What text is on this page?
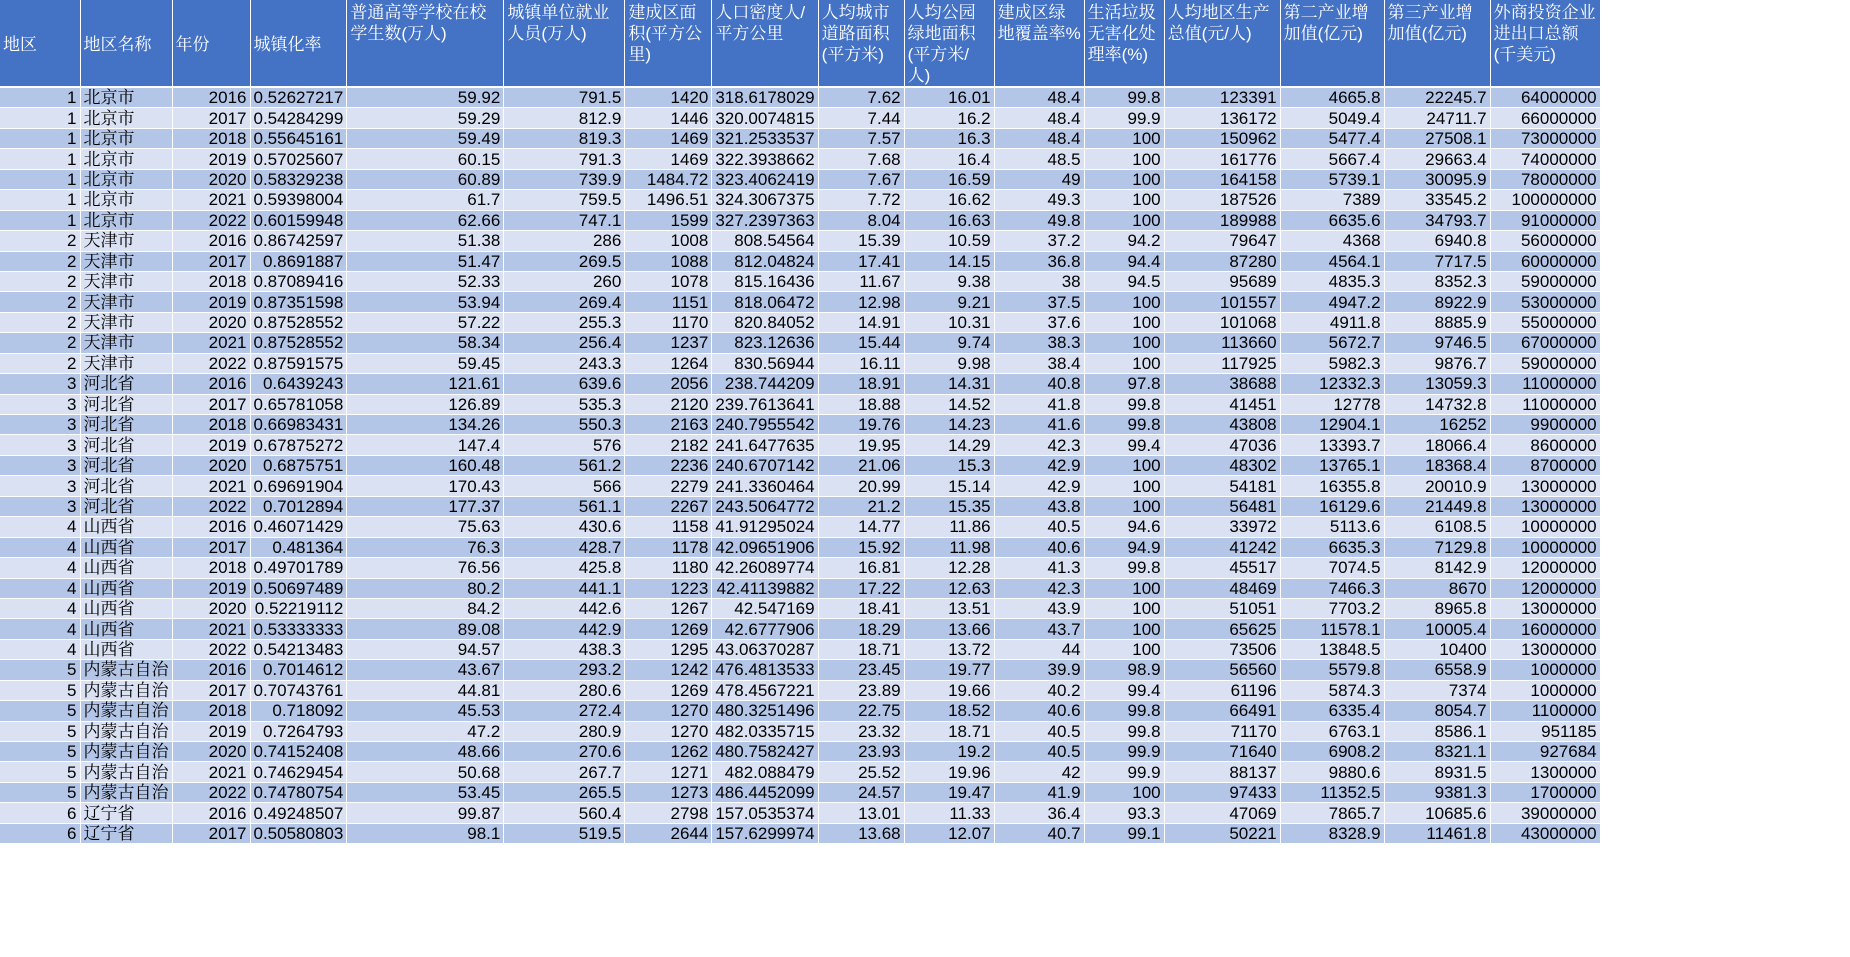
地区	地区名称	年份	城镇化率	普通高等学校在校学生数(万人)	城镇单位就业人员(万人)	建成区面积(平方公里)	人口密度人/平方公里	人均城市道路面积(平方米)	人均公园绿地面积(平方米/人)	建成区绿地覆盖率%	生活垃圾无害化处理率(%)	人均地区生产总值(元/人)	第二产业增加值(亿元)	第三产业增加值(亿元)	外商投资企业进出口总额(千美元)
1	北京市	2016	0.52627217	59.92	791.5	1420	318.6178029	7.62	16.01	48.4	99.8	123391	4665.8	22245.7	64000000
1	北京市	2017	0.54284299	59.29	812.9	1446	320.0074815	7.44	16.2	48.4	99.9	136172	5049.4	24711.7	66000000
1	北京市	2018	0.55645161	59.49	819.3	1469	321.2533537	7.57	16.3	48.4	100	150962	5477.4	27508.1	73000000
1	北京市	2019	0.57025607	60.15	791.3	1469	322.3938662	7.68	16.4	48.5	100	161776	5667.4	29663.4	74000000
1	北京市	2020	0.58329238	60.89	739.9	1484.72	323.4062419	7.67	16.59	49	100	164158	5739.1	30095.9	78000000
1	北京市	2021	0.59398004	61.7	759.5	1496.51	324.3067375	7.72	16.62	49.3	100	187526	7389	33545.2	100000000
1	北京市	2022	0.60159948	62.66	747.1	1599	327.2397363	8.04	16.63	49.8	100	189988	6635.6	34793.7	91000000
2	天津市	2016	0.86742597	51.38	286	1008	808.54564	15.39	10.59	37.2	94.2	79647	4368	6940.8	56000000
2	天津市	2017	0.8691887	51.47	269.5	1088	812.04824	17.41	14.15	36.8	94.4	87280	4564.1	7717.5	60000000
2	天津市	2018	0.87089416	52.33	260	1078	815.16436	11.67	9.38	38	94.5	95689	4835.3	8352.3	59000000
2	天津市	2019	0.87351598	53.94	269.4	1151	818.06472	12.98	9.21	37.5	100	101557	4947.2	8922.9	53000000
2	天津市	2020	0.87528552	57.22	255.3	1170	820.84052	14.91	10.31	37.6	100	101068	4911.8	8885.9	55000000
2	天津市	2021	0.87528552	58.34	256.4	1237	823.12636	15.44	9.74	38.3	100	113660	5672.7	9746.5	67000000
2	天津市	2022	0.87591575	59.45	243.3	1264	830.56944	16.11	9.98	38.4	100	117925	5982.3	9876.7	59000000
3	河北省	2016	0.6439243	121.61	639.6	2056	238.744209	18.91	14.31	40.8	97.8	38688	12332.3	13059.3	11000000
3	河北省	2017	0.65781058	126.89	535.3	2120	239.7613641	18.88	14.52	41.8	99.8	41451	12778	14732.8	11000000
3	河北省	2018	0.66983431	134.26	550.3	2163	240.7955542	19.76	14.23	41.6	99.8	43808	12904.1	16252	9900000
3	河北省	2019	0.67875272	147.4	576	2182	241.6477635	19.95	14.29	42.3	99.4	47036	13393.7	18066.4	8600000
3	河北省	2020	0.6875751	160.48	561.2	2236	240.6707142	21.06	15.3	42.9	100	48302	13765.1	18368.4	8700000
3	河北省	2021	0.69691904	170.43	566	2279	241.3360464	20.99	15.14	42.9	100	54181	16355.8	20010.9	13000000
3	河北省	2022	0.7012894	177.37	561.1	2267	243.5064772	21.2	15.35	43.8	100	56481	16129.6	21449.8	13000000
4	山西省	2016	0.46071429	75.63	430.6	1158	41.91295024	14.77	11.86	40.5	94.6	33972	5113.6	6108.5	10000000
4	山西省	2017	0.481364	76.3	428.7	1178	42.09651906	15.92	11.98	40.6	94.9	41242	6635.3	7129.8	10000000
4	山西省	2018	0.49701789	76.56	425.8	1180	42.26089774	16.81	12.28	41.3	99.8	45517	7074.5	8142.9	12000000
4	山西省	2019	0.50697489	80.2	441.1	1223	42.41139882	17.22	12.63	42.3	100	48469	7466.3	8670	12000000
4	山西省	2020	0.52219112	84.2	442.6	1267	42.547169	18.41	13.51	43.9	100	51051	7703.2	8965.8	13000000
4	山西省	2021	0.53333333	89.08	442.9	1269	42.6777906	18.29	13.66	43.7	100	65625	11578.1	10005.4	16000000
4	山西省	2022	0.54213483	94.57	438.3	1295	43.06370287	18.71	13.72	44	100	73506	13848.5	10400	13000000
5	内蒙古自治	2016	0.7014612	43.67	293.2	1242	476.4813533	23.45	19.77	39.9	98.9	56560	5579.8	6558.9	1000000
5	内蒙古自治	2017	0.70743761	44.81	280.6	1269	478.4567221	23.89	19.66	40.2	99.4	61196	5874.3	7374	1000000
5	内蒙古自治	2018	0.718092	45.53	272.4	1270	480.3251496	22.75	18.52	40.6	99.8	66491	6335.4	8054.7	1100000
5	内蒙古自治	2019	0.7264793	47.2	280.9	1270	482.0335715	23.32	18.71	40.5	99.8	71170	6763.1	8586.1	951185
5	内蒙古自治	2020	0.74152408	48.66	270.6	1262	480.7582427	23.93	19.2	40.5	99.9	71640	6908.2	8321.1	927684
5	内蒙古自治	2021	0.74629454	50.68	267.7	1271	482.088479	25.52	19.96	42	99.9	88137	9880.6	8931.5	1300000
5	内蒙古自治	2022	0.74780754	53.45	265.5	1273	486.4452099	24.57	19.47	41.9	100	97433	11352.5	9381.3	1700000
6	辽宁省	2016	0.49248507	99.87	560.4	2798	157.0535374	13.01	11.33	36.4	93.3	47069	7865.7	10685.6	39000000
6	辽宁省	2017	0.50580803	98.1	519.5	2644	157.6299974	13.68	12.07	40.7	99.1	50221	8328.9	11461.8	43000000
